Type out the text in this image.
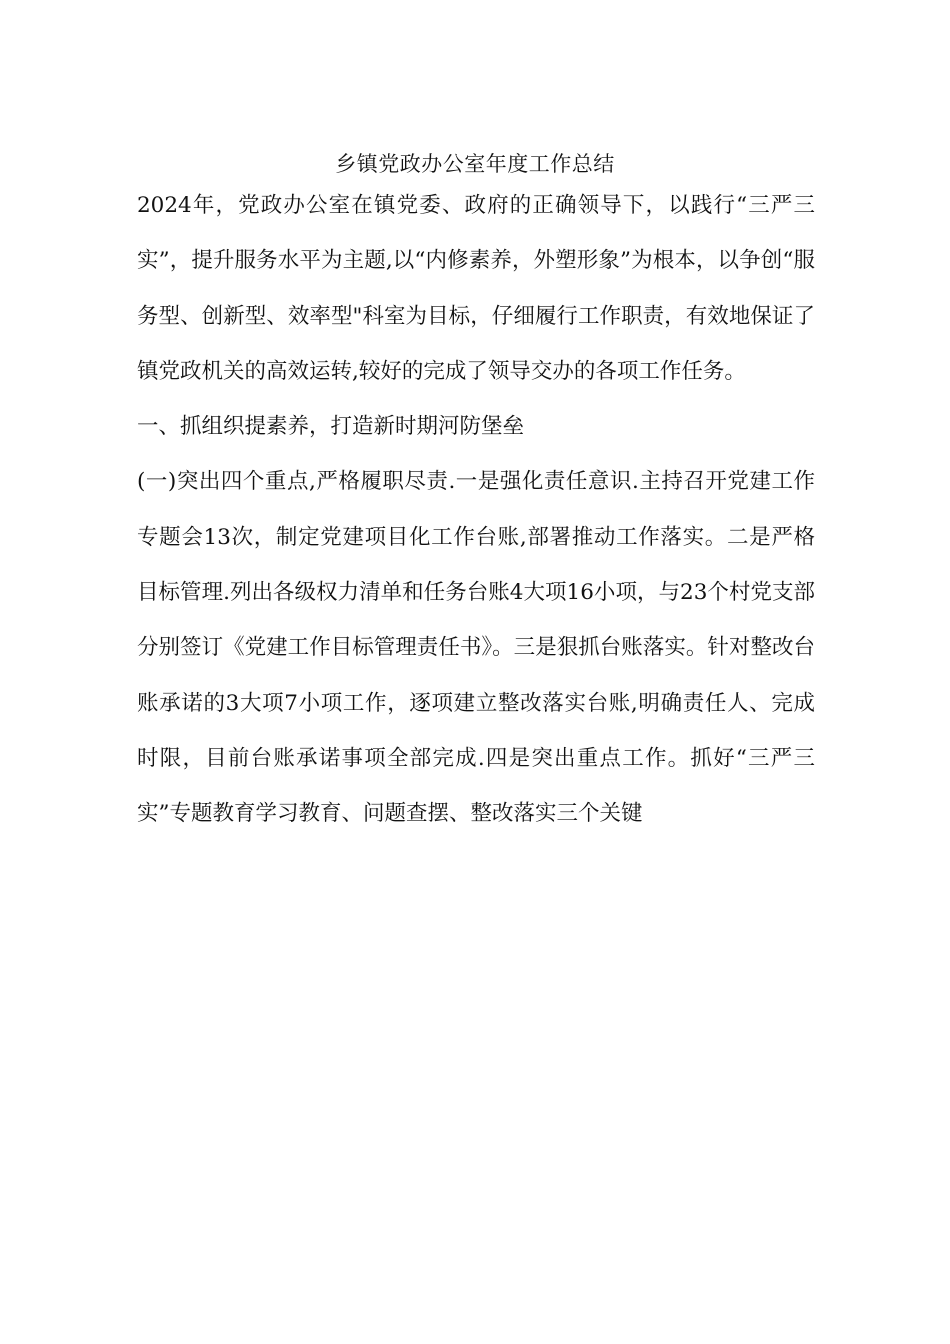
乡镇党政办公室年度工作总结

2024年，党政办公室在镇党委、政府的正确领导下，以践行“三严三实”，提升服务水平为主题,以“内修素养，外塑形象”为根本，以争创“服务型、创新型、效率型"科室为目标，仔细履行工作职责，有效地保证了镇党政机关的高效运转,较好的完成了领导交办的各项工作任务。

一、抓组织提素养，打造新时期河防堡垒

(一)突出四个重点,严格履职尽责.一是强化责任意识.主持召开党建工作专题会13次，制定党建项目化工作台账,部署推动工作落实。二是严格目标管理.列出各级权力清单和任务台账4大项16小项，与23个村党支部分别签订《党建工作目标管理责任书》。三是狠抓台账落实。针对整改台账承诺的3大项7小项工作，逐项建立整改落实台账,明确责任人、完成时限，目前台账承诺事项全部完成.四是突出重点工作。抓好“三严三实”专题教育学习教育、问题查摆、整改落实三个关键
